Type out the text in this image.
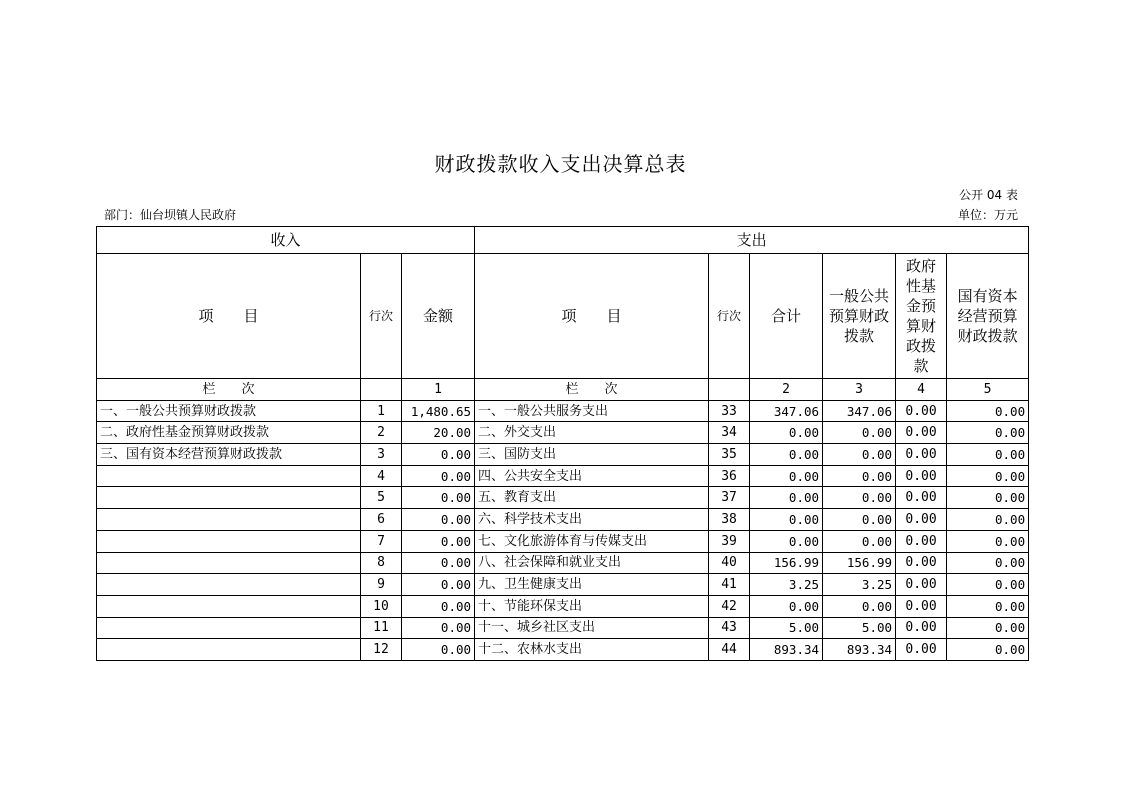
财政拨款收入支出决算总表
公开 04 表
部门：仙台坝镇人民政府	单位：万元
收入			支出					
项　　目	行次	金额	项　　目	行次	合计	一般公共预算财政拨款	政府性基金预算财政拨款	国有资本经营预算财政拨款
栏　　次		1	栏　　次		2	3	4	5
一、一般公共预算财政拨款	1	1,480.65	一、一般公共服务支出	33	347.06	347.06	0.00	0.00
二、政府性基金预算财政拨款	2	20.00	二、外交支出	34	0.00	0.00	0.00	0.00
三、国有资本经营预算财政拨款	3	0.00	三、国防支出	35	0.00	0.00	0.00	0.00
	4	0.00	四、公共安全支出	36	0.00	0.00	0.00	0.00
	5	0.00	五、教育支出	37	0.00	0.00	0.00	0.00
	6	0.00	六、科学技术支出	38	0.00	0.00	0.00	0.00
	7	0.00	七、文化旅游体育与传媒支出	39	0.00	0.00	0.00	0.00
	8	0.00	八、社会保障和就业支出	40	156.99	156.99	0.00	0.00
	9	0.00	九、卫生健康支出	41	3.25	3.25	0.00	0.00
	10	0.00	十、节能环保支出	42	0.00	0.00	0.00	0.00
	11	0.00	十一、城乡社区支出	43	5.00	5.00	0.00	0.00
	12	0.00	十二、农林水支出	44	893.34	893.34	0.00	0.00
